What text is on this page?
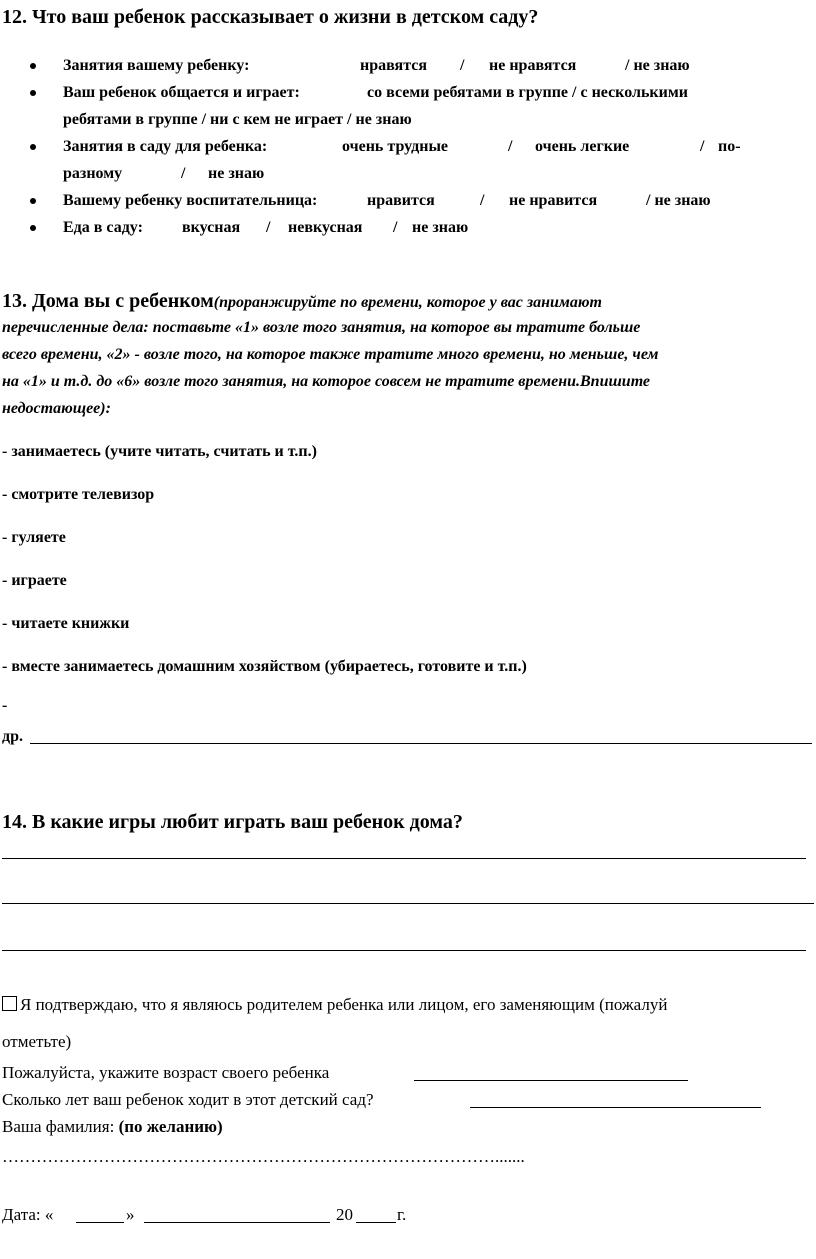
12. Что ваш ребенок рассказывает о жизни в детском саду?
Занятия вашему ребенку:	нравятся / не нравятся	/ не знаю
Ваш ребенок общается и играет:	со всеми ребятами в группе / с несколькими
ребятами в группе / ни с кем не играет / не знаю
Занятия в саду для ребенка:	очень трудные	/ очень легкие	/ по-
разному	/ не знаю
Вашему ребенку воспитательница:	нравится	/ не нравится	/ не знаю
Еда в саду: вкусная / невкусная / не знаю
13. Дома вы с ребенком(проранжируйте по времени, которое у вас занимают
перечисленные дела: поставьте «1» возле того занятия, на которое вы тратите больше
всего времени, «2» - возле того, на которое также тратите много времени, но меньше, чем
на «1» и т.д. до «6» возле того занятия, на которое совсем не тратите времени.Впишите
недостающее):
- занимаетесь (учите читать, считать и т.п.)
- смотрите телевизор
- гуляете
- играете
- читаете книжки
- вместе занимаетесь домашним хозяйством (убираетесь, готовите и т.п.)
-
др.
14. В какие игры любит играть ваш ребенок дома?
Я подтверждаю, что я являюсь родителем ребенка или лицом, его заменяющим (пожалуй
отметьте)
Пожалуйста, укажите возраст своего ребенка
Сколько лет ваш ребенок ходит в этот детский сад?
Ваша фамилия: (по желанию)
…………………………………………………………………………….......
Дата: «	»	20	г.
